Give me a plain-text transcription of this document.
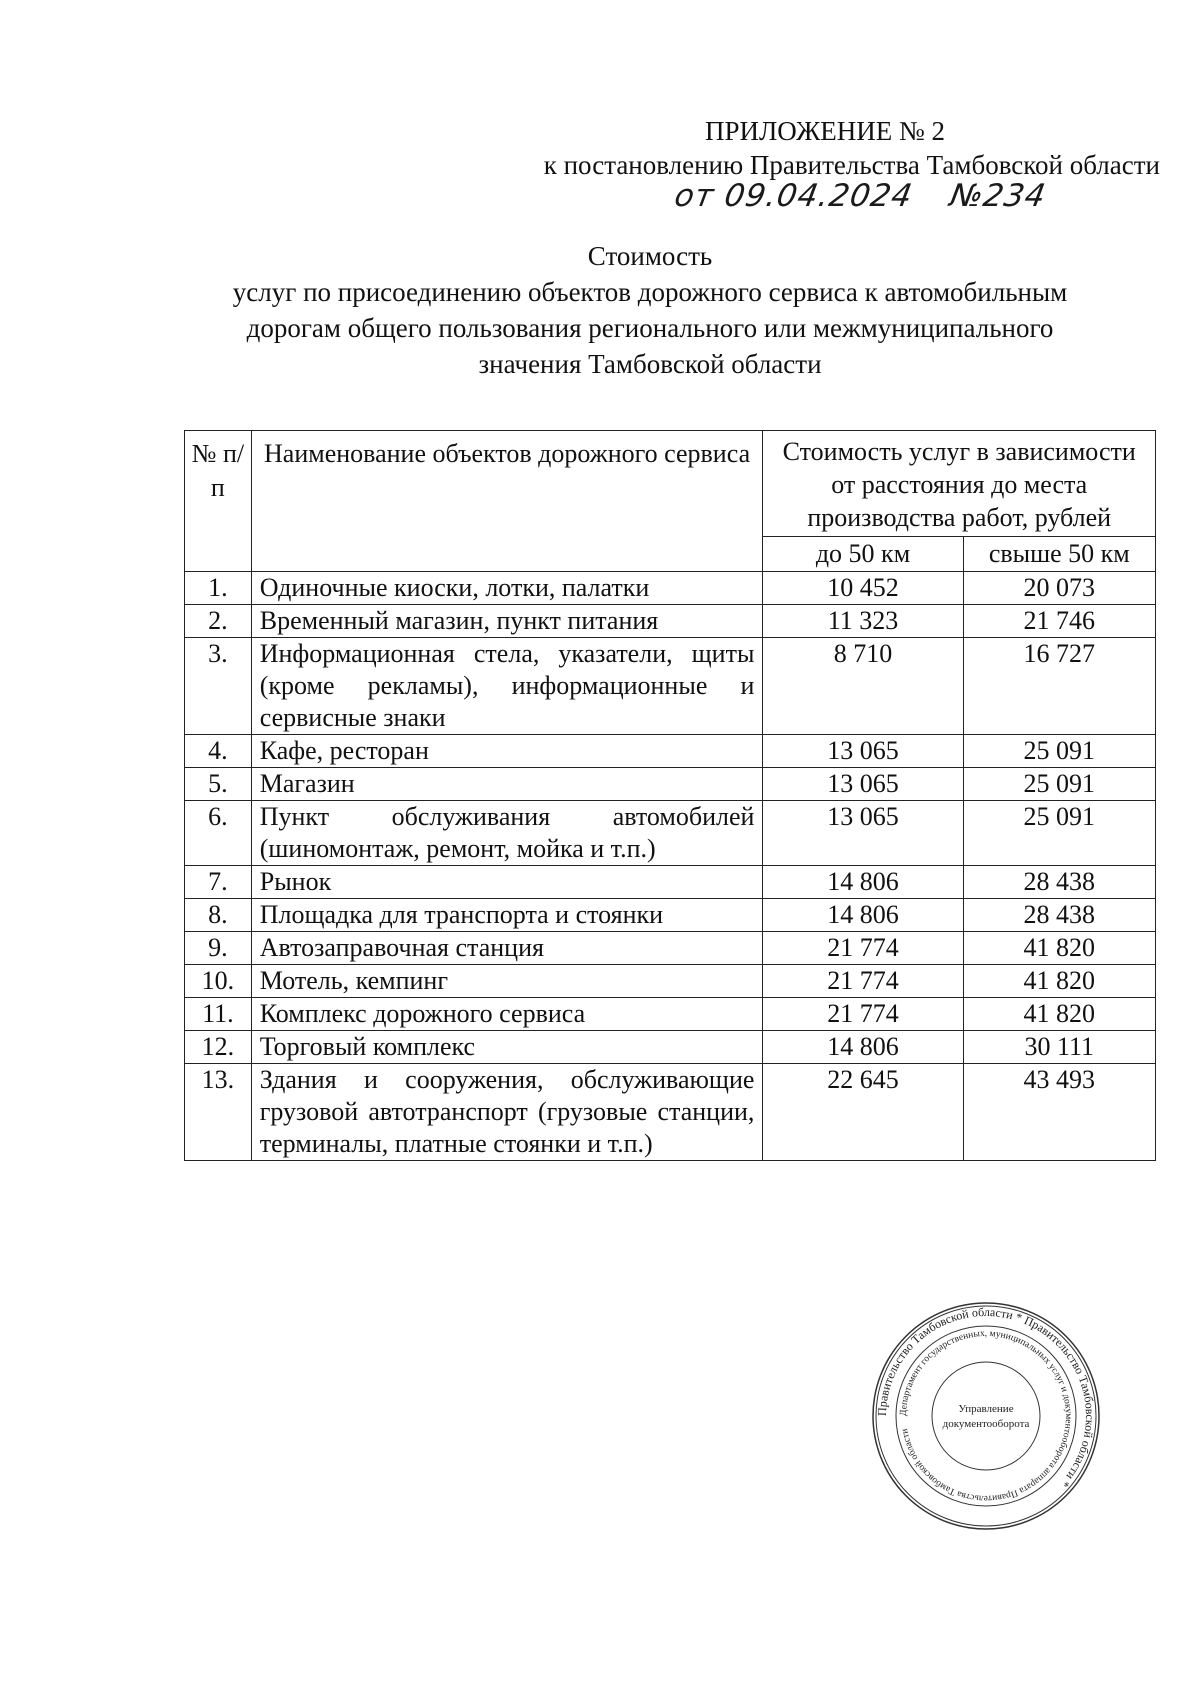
ПРИЛОЖЕНИЕ № 2
к постановлению Правительства Тамбовской области
от 09.04.2024 №234
Стоимость
услуг по присоединению объектов дорожного сервиса к автомобильным
дорогам общего пользования регионального или межмуниципального
значения Тамбовской области
№ п/п	Наименование объектов дорожного сервиса	Стоимость услуг в зависимости от расстояния до места производства работ, рублей	
		до 50 км	свыше 50 км
1.	Одиночные киоски, лотки, палатки	10 452	20 073
2.	Временный магазин, пункт питания	11 323	21 746
3.	Информационная стела, указатели, щиты (кроме рекламы), информационные и сервисные знаки	8 710	16 727
4.	Кафе, ресторан	13 065	25 091
5.	Магазин	13 065	25 091
6.	Пункт обслуживания автомобилей (шиномонтаж, ремонт, мойка и т.п.)	13 065	25 091
7.	Рынок	14 806	28 438
8.	Площадка для транспорта и стоянки	14 806	28 438
9.	Автозаправочная станция	21 774	41 820
10.	Мотель, кемпинг	21 774	41 820
11.	Комплекс дорожного сервиса	21 774	41 820
12.	Торговый комплекс	14 806	30 111
13.	Здания и сооружения, обслуживающие грузовой автотранспорт (грузовые станции, терминалы, платные стоянки и т.п.)	22 645	43 493
Правительство Тамбовской области * Правительство Тамбовской области *
Департамент государственных, муниципальных услуг и документооборота аппарата Правительства Тамбовской области
Управление
документооборота
